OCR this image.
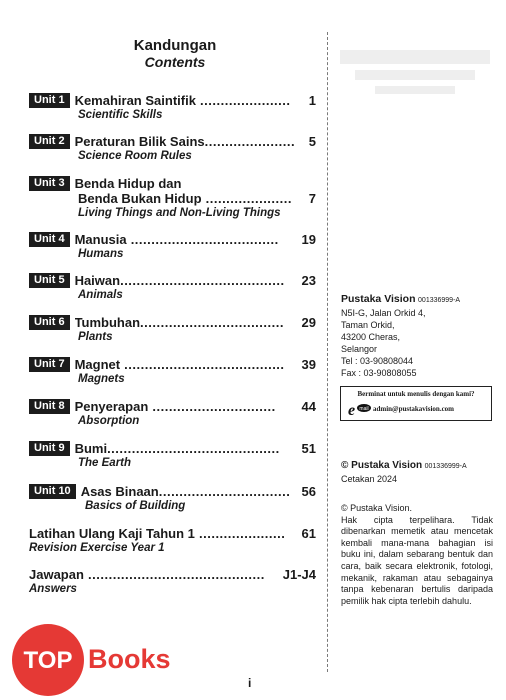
Kandungan
Contents
Unit 1 Kemahiran Saintifik ......................	1
Scientific Skills
Unit 2 Peraturan Bilik Sains......................	5
Science Room Rules
Unit 3 Benda Hidup dan
Benda Bukan Hidup .....................	7
Living Things and Non-Living Things
Unit 4 Manusia ....................................	19
Humans
Unit 5 Haiwan........................................	23
Animals
Unit 6 Tumbuhan...................................	29
Plants
Unit 7 Magnet .......................................	39
Magnets
Unit 8 Penyerapan ..............................	44
Absorption
Unit 9 Bumi..........................................	51
The Earth
Unit 10 Asas Binaan................................ 56
Basics of Building
Latihan Ulang Kaji Tahun 1 .....................	61
Revision Exercise Year 1
Jawapan ...........................................	J1-J4
Answers
Pustaka Vision 001336999-A
N5I-G, Jalan Orkid 4,
Taman Orkid,
43200 Cheras,
Selangor
Tel : 03-90808044
Fax : 03-90808055
Berminat untuk menulis dengan kami?
e mail admin@pustakavision.com
© Pustaka Vision 001336999-A
Cetakan 2024
© Pustaka Vision.
Hak cipta terpelihara. Tidak dibenarkan memetik atau mencetak kembali mana-mana bahagian isi buku ini, dalam sebarang bentuk dan cara, baik secara elektronik, fotologi, mekanik, rakaman atau sebagainya tanpa kebenaran bertulis daripada pemilik hak cipta terlebih dahulu.
i
TOP Books
